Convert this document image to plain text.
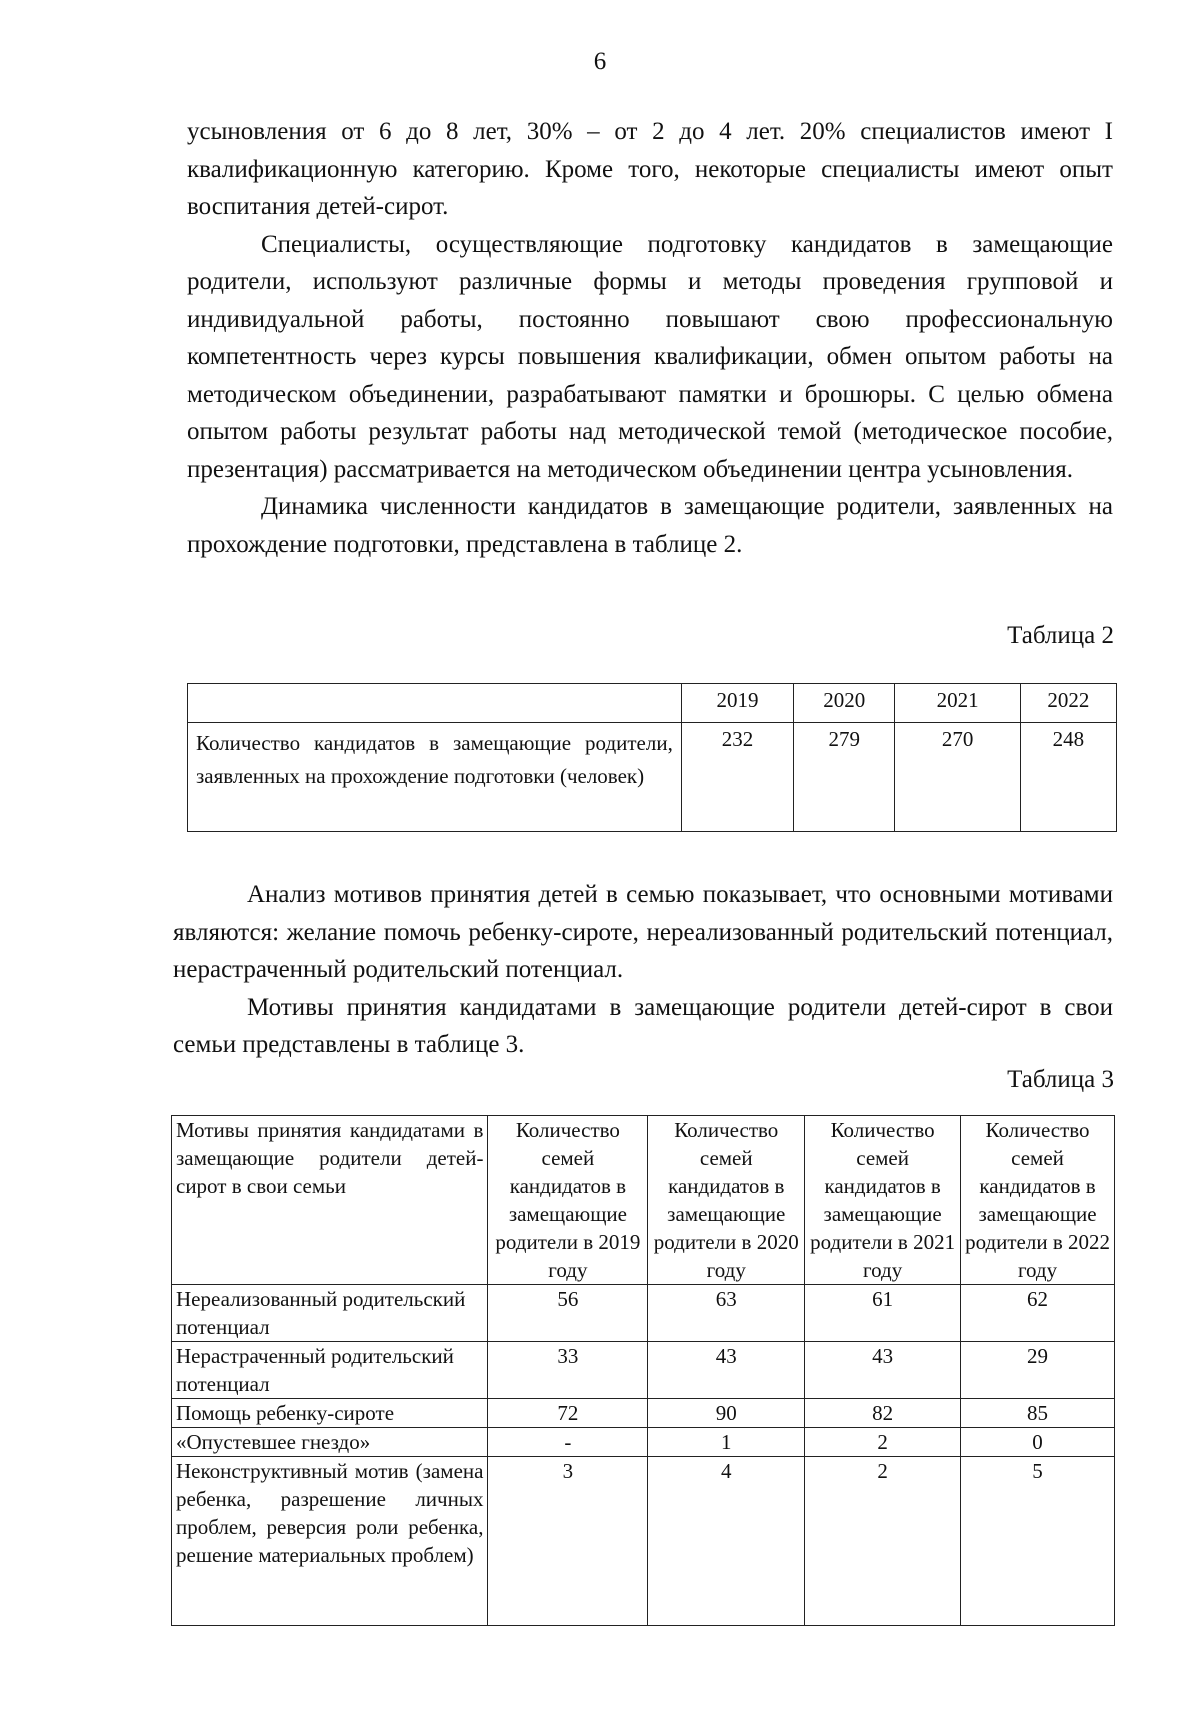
6

усыновления от 6 до 8 лет, 30% – от 2 до 4 лет. 20% специалистов имеют I квалификационную категорию. Кроме того, некоторые специалисты имеют опыт воспитания детей-сирот.

Специалисты, осуществляющие подготовку кандидатов в замещающие родители, используют различные формы и методы проведения групповой и индивидуальной работы, постоянно повышают свою профессиональную компетентность через курсы повышения квалификации, обмен опытом работы на методическом объединении, разрабатывают памятки и брошюры. С целью обмена опытом работы результат работы над методической темой (методическое пособие, презентация) рассматривается на методическом объединении центра усыновления.

Динамика численности кандидатов в замещающие родители, заявленных на прохождение подготовки, представлена в таблице 2.

Таблица 2
	2019	2020	2021	2022
Количество кандидатов в замещающие родители, заявленных на прохождение подготовки (человек)	232	279	270	248

Анализ мотивов принятия детей в семью показывает, что основными мотивами являются: желание помочь ребенку-сироте, нереализованный родительский потенциал, нерастраченный родительский потенциал.

Мотивы принятия кандидатами в замещающие родители детей-сирот в свои семьи представлены в таблице 3.

Таблица 3
Мотивы принятия кандидатами в замещающие родители детей-сирот в свои семьи	Количество семей кандидатов в замещающие родители в 2019 году	Количество семей кандидатов в замещающие родители в 2020 году	Количество семей кандидатов в замещающие родители в 2021 году	Количество семей кандидатов в замещающие родители в 2022 году
Нереализованный родительский потенциал	56	63	61	62
Нерастраченный родительский потенциал	33	43	43	29
Помощь ребенку-сироте	72	90	82	85
«Опустевшее гнездо»	-	1	2	0
Неконструктивный мотив (замена ребенка, разрешение личных проблем, реверсия роли ребенка, решение материальных проблем)	3	4	2	5
